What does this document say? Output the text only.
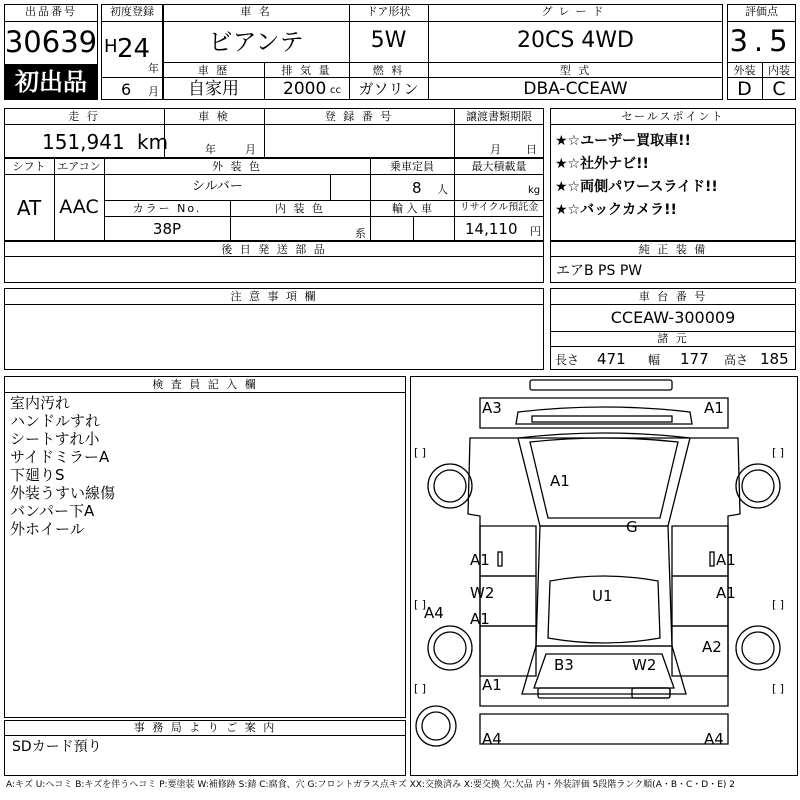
出品番号
30639
初出品
初度登録
H 24
年
6 月
車 名
ビアンテ
ドア形状
5W
グレード
20CS 4WD
車 歴
自家用
排 気 量
2000 cc
燃 料
ガソリン
型 式
DBA-CCEAW
評価点
3.5
外装	内装
D	C
走 行
151,941 km
車 検
年	月
登 録 番 号	譲渡書類期限
月 日
シフト
AT
エアコン
AAC
外 装 色
シルバー
乗車定員
8 人
最大積載量
kg
カラー No.
38P
内 装 色
系
輸 入 車	リサイクル預託金
14,110 円
後 日 発 送 部 品
セールスポイント
★☆ユーザー買取車!!
★☆社外ナビ!!
★☆両側パワースライド!!
★☆バックカメラ!!
純 正 装 備
エアB PS PW
車 台 番 号
CCEAW-300009
諸 元
長さ 471 幅 177 高さ 185
注 意 事 項 欄
検 査 員 記 入 欄
室内汚れ
ハンドルすれ
シートすれ小
サイドミラーA
下廻りS
外装うすい線傷
バンパー下A
外ホイール
事 務 局 よ り ご 案 内
SDカード預り
[ ]	[ ]
[ ]	[ ]
[ ]	[ ]
A3	A1
A1
G
A1	A1
W2	U1
A1
A1
A4
A2
B3	W2
A1
A4	A4
A:キズ U:ヘコミ B:キズを伴うヘコミ P:要塗装 W:補修跡 S:錆 C:腐食、穴 G:フロントガラス点キズ XX:交換済み X:要交換 欠:欠品 内・外装評価 5段階ランク順(A・B・C・D・E) 2
